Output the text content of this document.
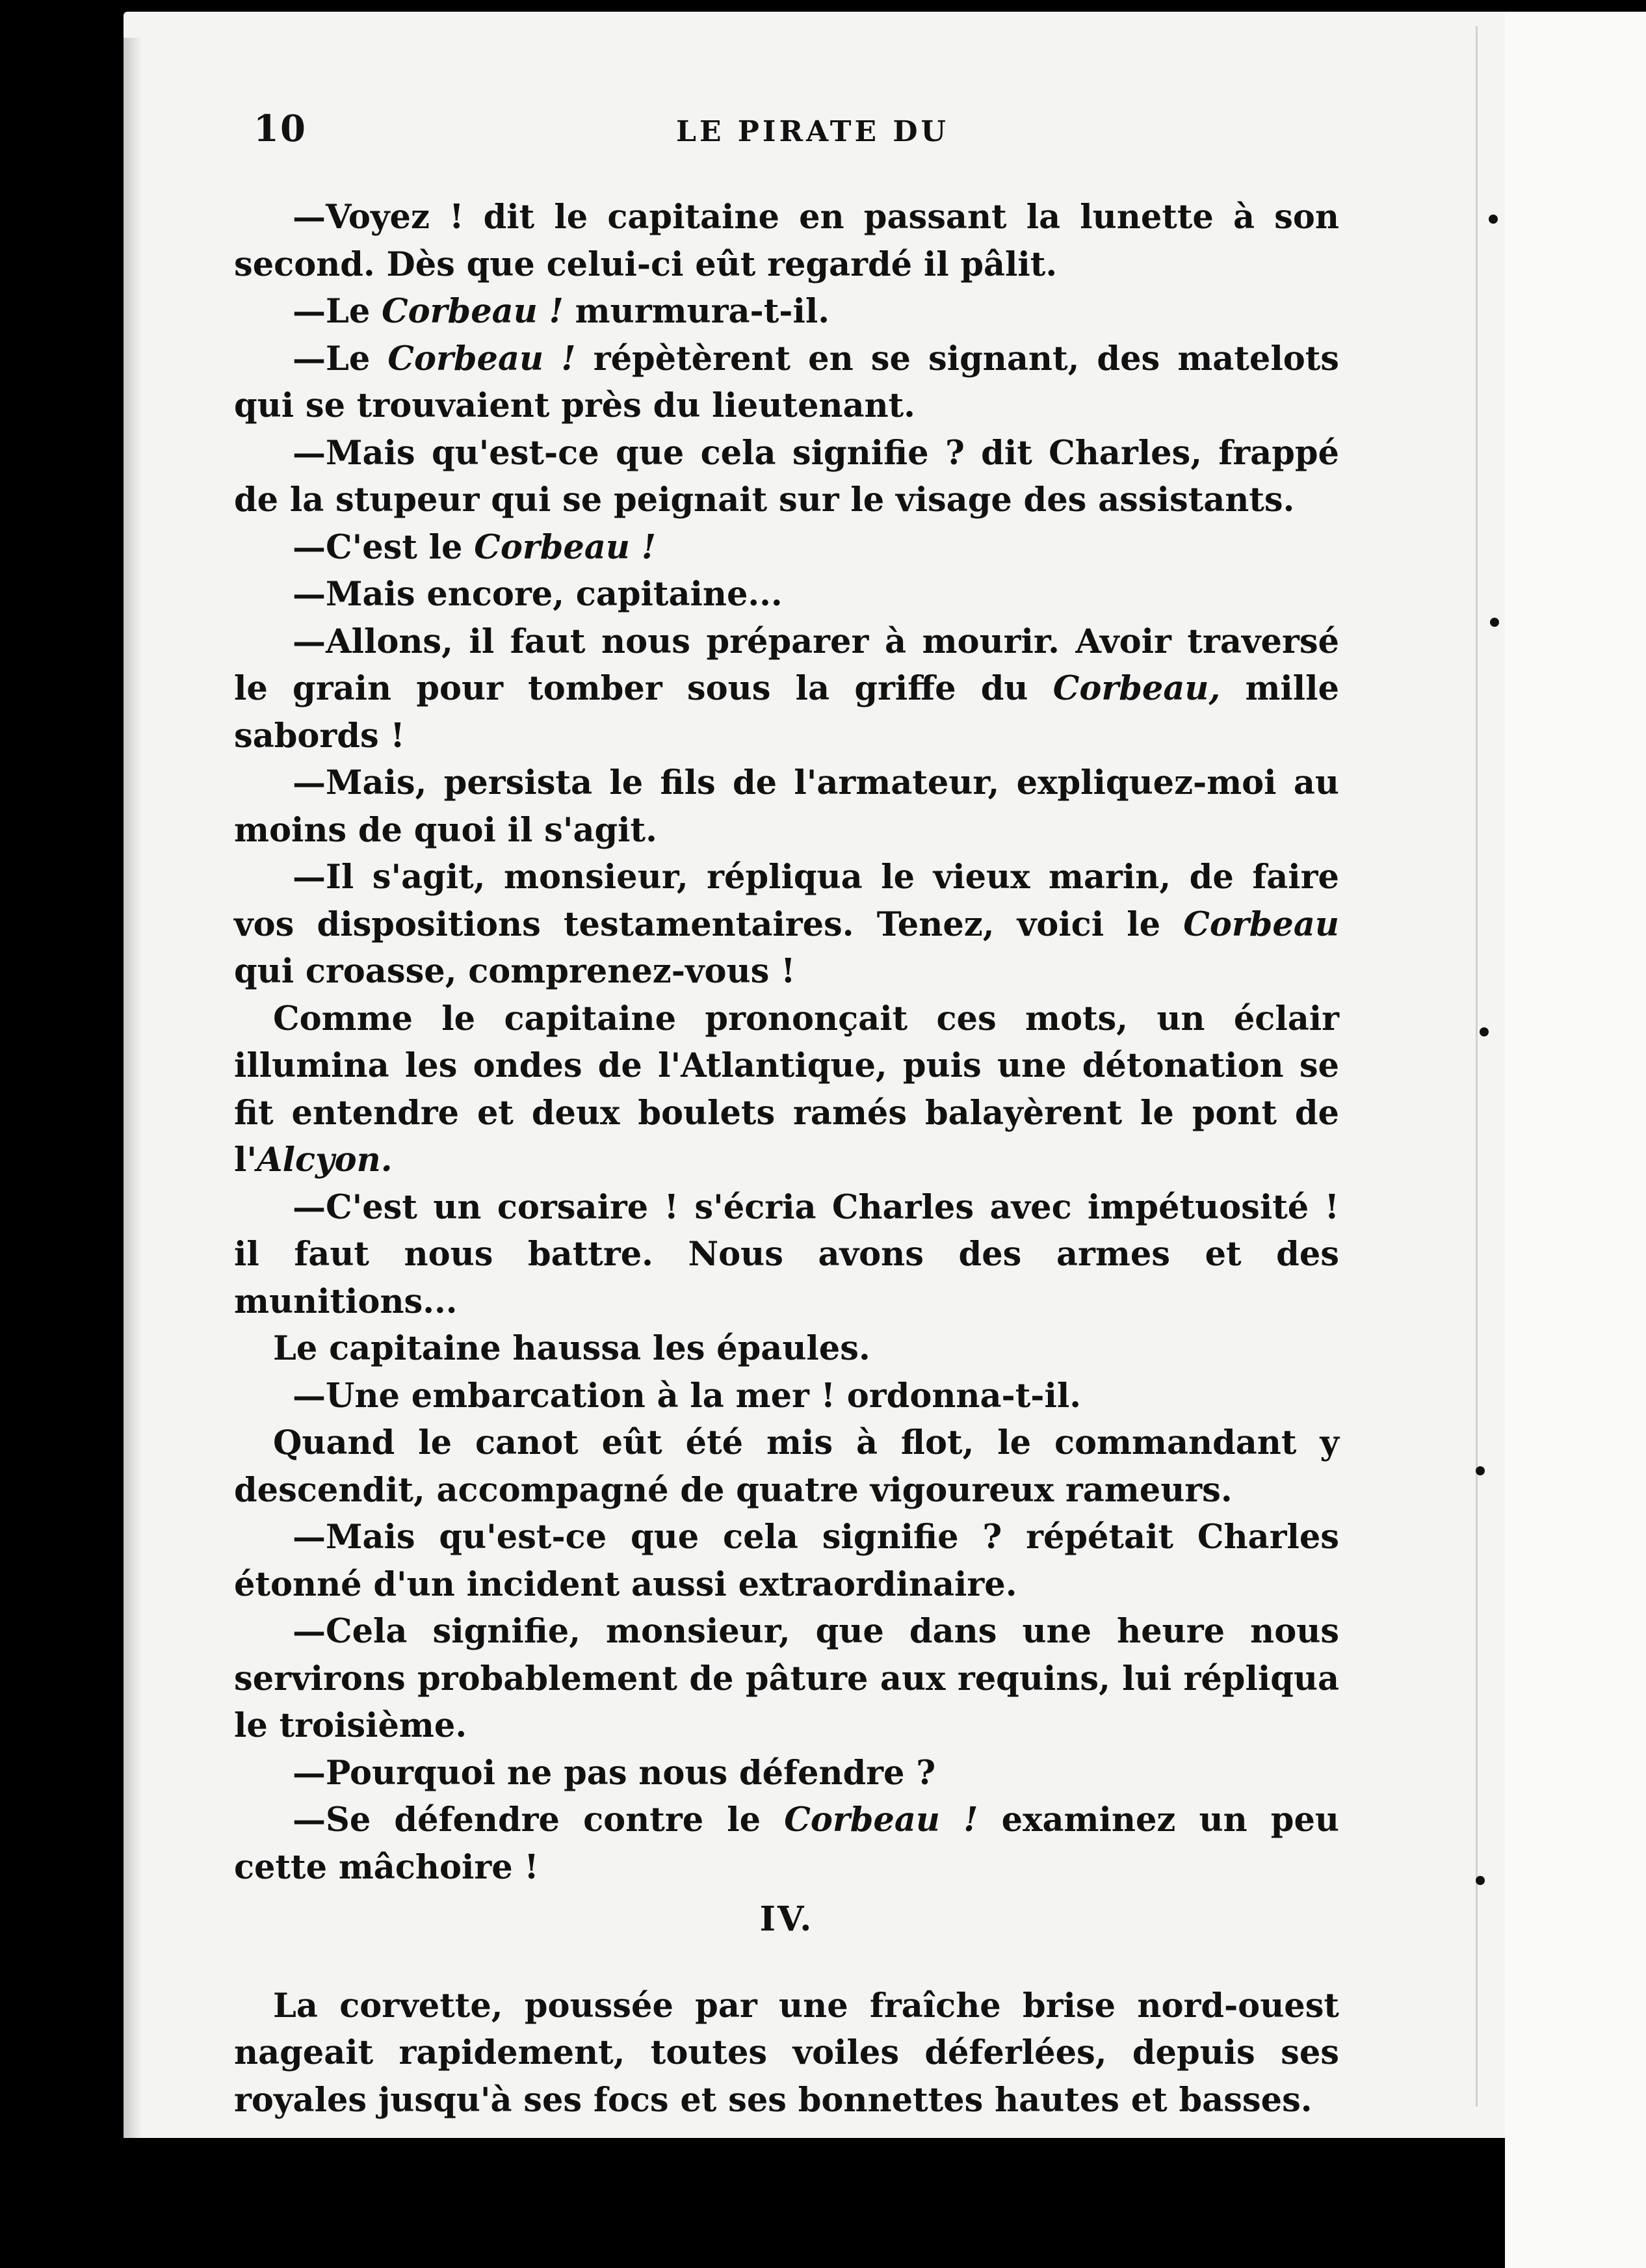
10	LE PIRATE DU

—Voyez ! dit le capitaine en passant la lunette à son second. Dès que celui-ci eût regardé il pâlit.

—Le Corbeau ! murmura-t-il.

—Le Corbeau ! répètèrent en se signant, des matelots qui se trouvaient près du lieutenant.

—Mais qu'est-ce que cela signifie ? dit Charles, frappé de la stupeur qui se peignait sur le visage des assistants.

—C'est le Corbeau !

—Mais encore, capitaine...

—Allons, il faut nous préparer à mourir. Avoir traversé le grain pour tomber sous la griffe du Corbeau, mille sabords !

—Mais, persista le fils de l'armateur, expliquez-moi au moins de quoi il s'agit.

—Il s'agit, monsieur, répliqua le vieux marin, de faire vos dispositions testamentaires. Tenez, voici le Corbeau qui croasse, comprenez-vous !

Comme le capitaine prononçait ces mots, un éclair illumina les ondes de l'Atlantique, puis une détonation se fit entendre et deux boulets ramés balayèrent le pont de l'Alcyon.

—C'est un corsaire ! s'écria Charles avec impétuosité ! il faut nous battre. Nous avons des armes et des munitions...

Le capitaine haussa les épaules.

—Une embarcation à la mer ! ordonna-t-il.

Quand le canot eût été mis à flot, le commandant y descendit, accompagné de quatre vigoureux rameurs.

—Mais qu'est-ce que cela signifie ? répétait Charles étonné d'un incident aussi extraordinaire.

—Cela signifie, monsieur, que dans une heure nous servirons probablement de pâture aux requins, lui répliqua le troisième.

—Pourquoi ne pas nous défendre ?

—Se défendre contre le Corbeau ! examinez un peu cette mâchoire !

IV.

La corvette, poussée par une fraîche brise nord-ouest nageait rapidement, toutes voiles déferlées, depuis ses royales jusqu'à ses focs et ses bonnettes hautes et basses.
